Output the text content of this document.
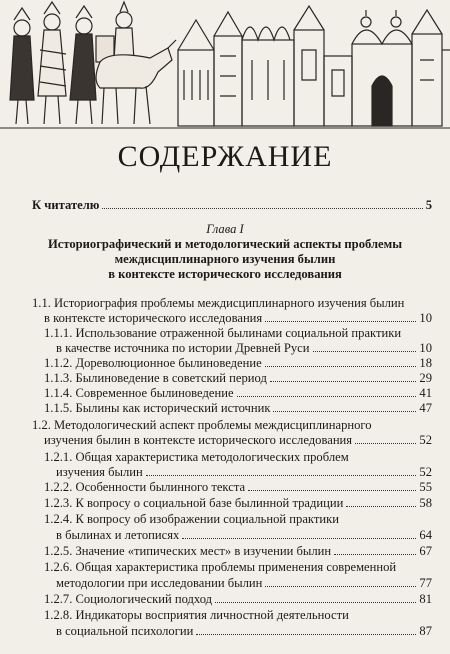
СОДЕРЖАНИЕ
К читателю	5
Глава I
Историографический и методологический аспекты проблемы
междисциплинарного изучения былин
в контексте исторического исследования
1.1. Историография проблемы междисциплинарного изучения былин
в контексте исторического исследования	10
1.1.1. Использование отраженной былинами социальной практики
в качестве источника по истории Древней Руси	10
1.1.2. Дореволюционное былиноведение	18
1.1.3. Былиноведение в советский период	29
1.1.4. Современное былиноведение	41
1.1.5. Былины как исторический источник	47
1.2. Методологический аспект проблемы междисциплинарного
изучения былин в контексте исторического исследования	52
1.2.1. Общая характеристика методологических проблем
изучения былин	52
1.2.2. Особенности былинного текста	55
1.2.3. К вопросу о социальной базе былинной традиции	58
1.2.4. К вопросу об изображении социальной практики
в былинах и летописях	64
1.2.5. Значение «типических мест» в изучении былин	67
1.2.6. Общая характеристика проблемы применения современной
методологии при исследовании былин	77
1.2.7. Социологический подход	81
1.2.8. Индикаторы восприятия личностной деятельности
в социальной психологии	87
